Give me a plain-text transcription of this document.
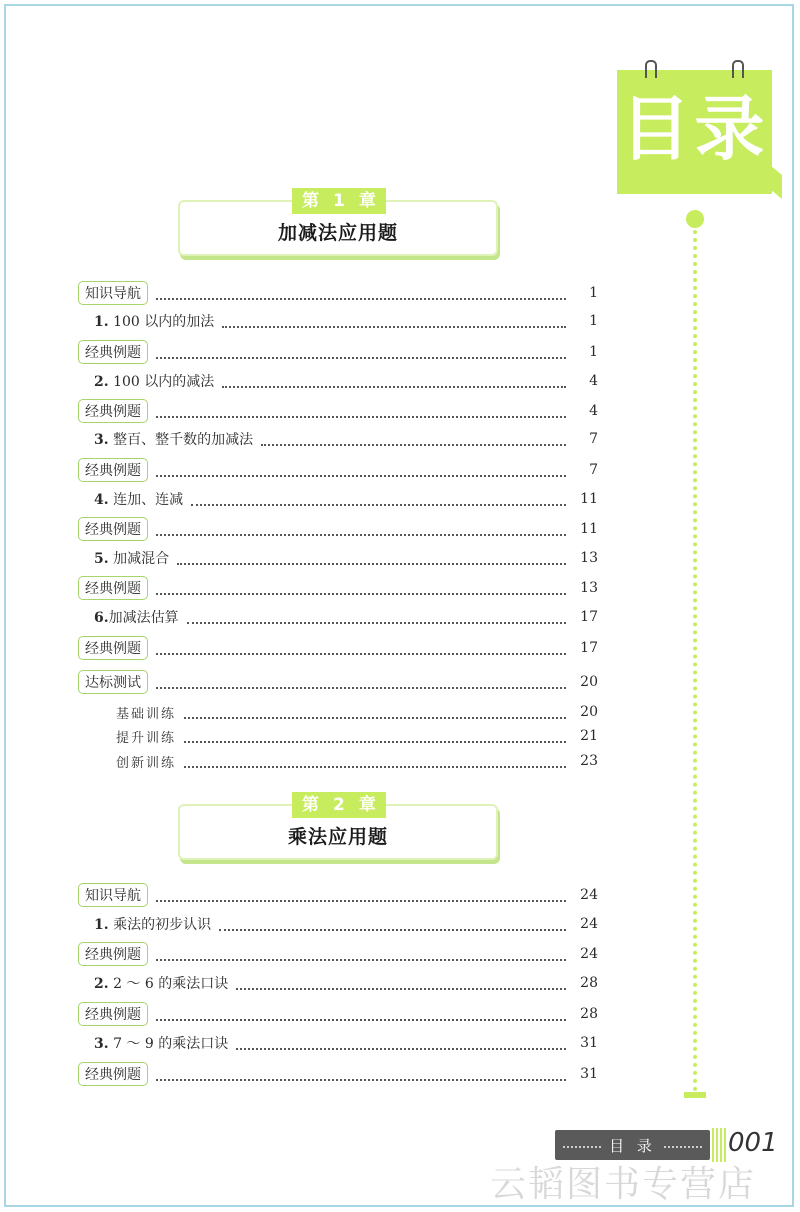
目录
第 1 章
加减法应用题
知识导航	1
1. 100 以内的加法	1
经典例题	1
2. 100 以内的减法	4
经典例题	4
3. 整百、整千数的加减法	7
经典例题	7
4. 连加、连减	11
经典例题	11
5. 加减混合	13
经典例题	13
6.加减法估算	17
经典例题	17
达标测试	20
基础训练	20
提升训练	21
创新训练	23
第 2 章
乘法应用题
知识导航	24
1. 乘法的初步认识	24
经典例题	24
2. 2 ～ 6 的乘法口诀	28
经典例题	28
3. 7 ～ 9 的乘法口诀	31
经典例题	31
目 录	001
云韬图书专营店
